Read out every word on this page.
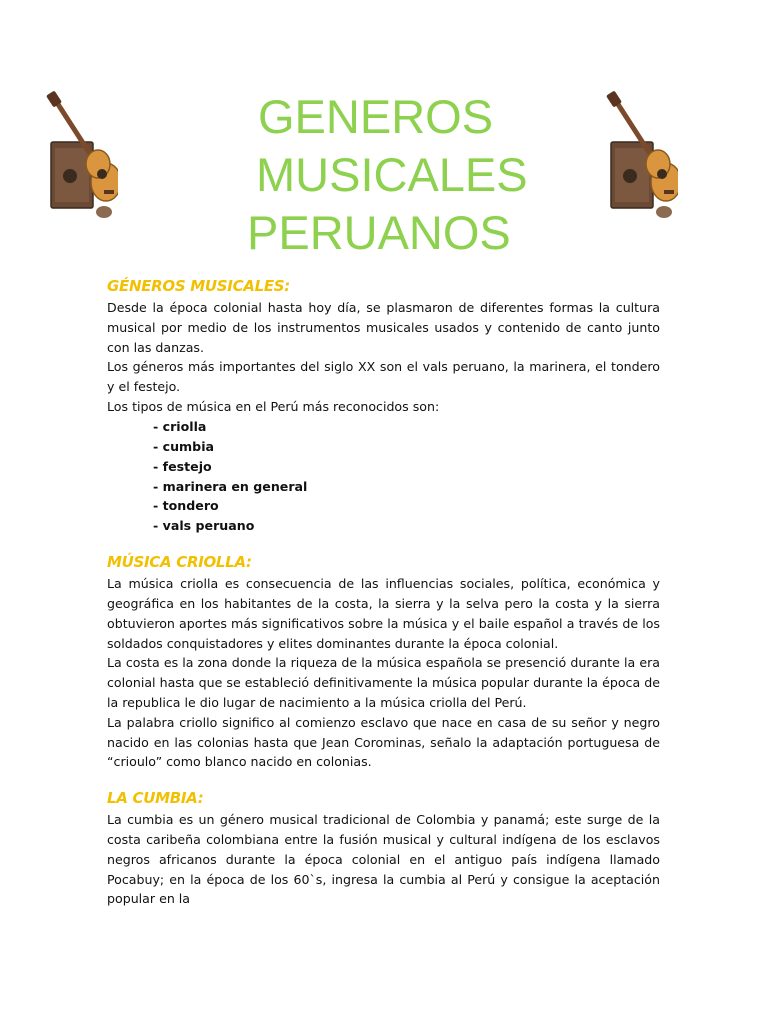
GENEROS
MUSICALES
PERUANOS
GÉNEROS MUSICALES:

Desde la época colonial hasta hoy día, se plasmaron de diferentes formas la cultura musical por medio de los instrumentos musicales usados y contenido de canto junto con las danzas.

Los géneros más importantes del siglo XX son el vals peruano, la marinera, el tondero y el festejo.

Los tipos de música en el Perú más reconocidos son:

- criolla
- cumbia
- festejo
- marinera en general
- tondero
- vals peruano
MÚSICA CRIOLLA:

La música criolla es consecuencia de las influencias sociales, política, económica y geográfica en los habitantes de la costa, la sierra y la selva pero la costa y la sierra obtuvieron aportes más significativos sobre la música y el baile español a través de los soldados conquistadores y elites dominantes durante la época colonial.

La costa es la zona donde la riqueza de la música española se presenció durante la era colonial hasta que se estableció definitivamente la música popular durante la época de la republica le dio lugar de nacimiento a la música criolla del Perú.

La palabra criollo significo al comienzo esclavo que nace en casa de su señor y negro nacido en las colonias hasta que Jean Corominas, señalo la adaptación portuguesa de “crioulo” como blanco nacido en colonias.

LA CUMBIA:

La cumbia es un género musical tradicional de Colombia y panamá; este surge de la costa caribeña colombiana entre la fusión musical y cultural indígena de los esclavos negros africanos durante la época colonial en el antiguo país indígena llamado Pocabuy; en la época de los 60`s, ingresa la cumbia al Perú y consigue la aceptación popular en la
